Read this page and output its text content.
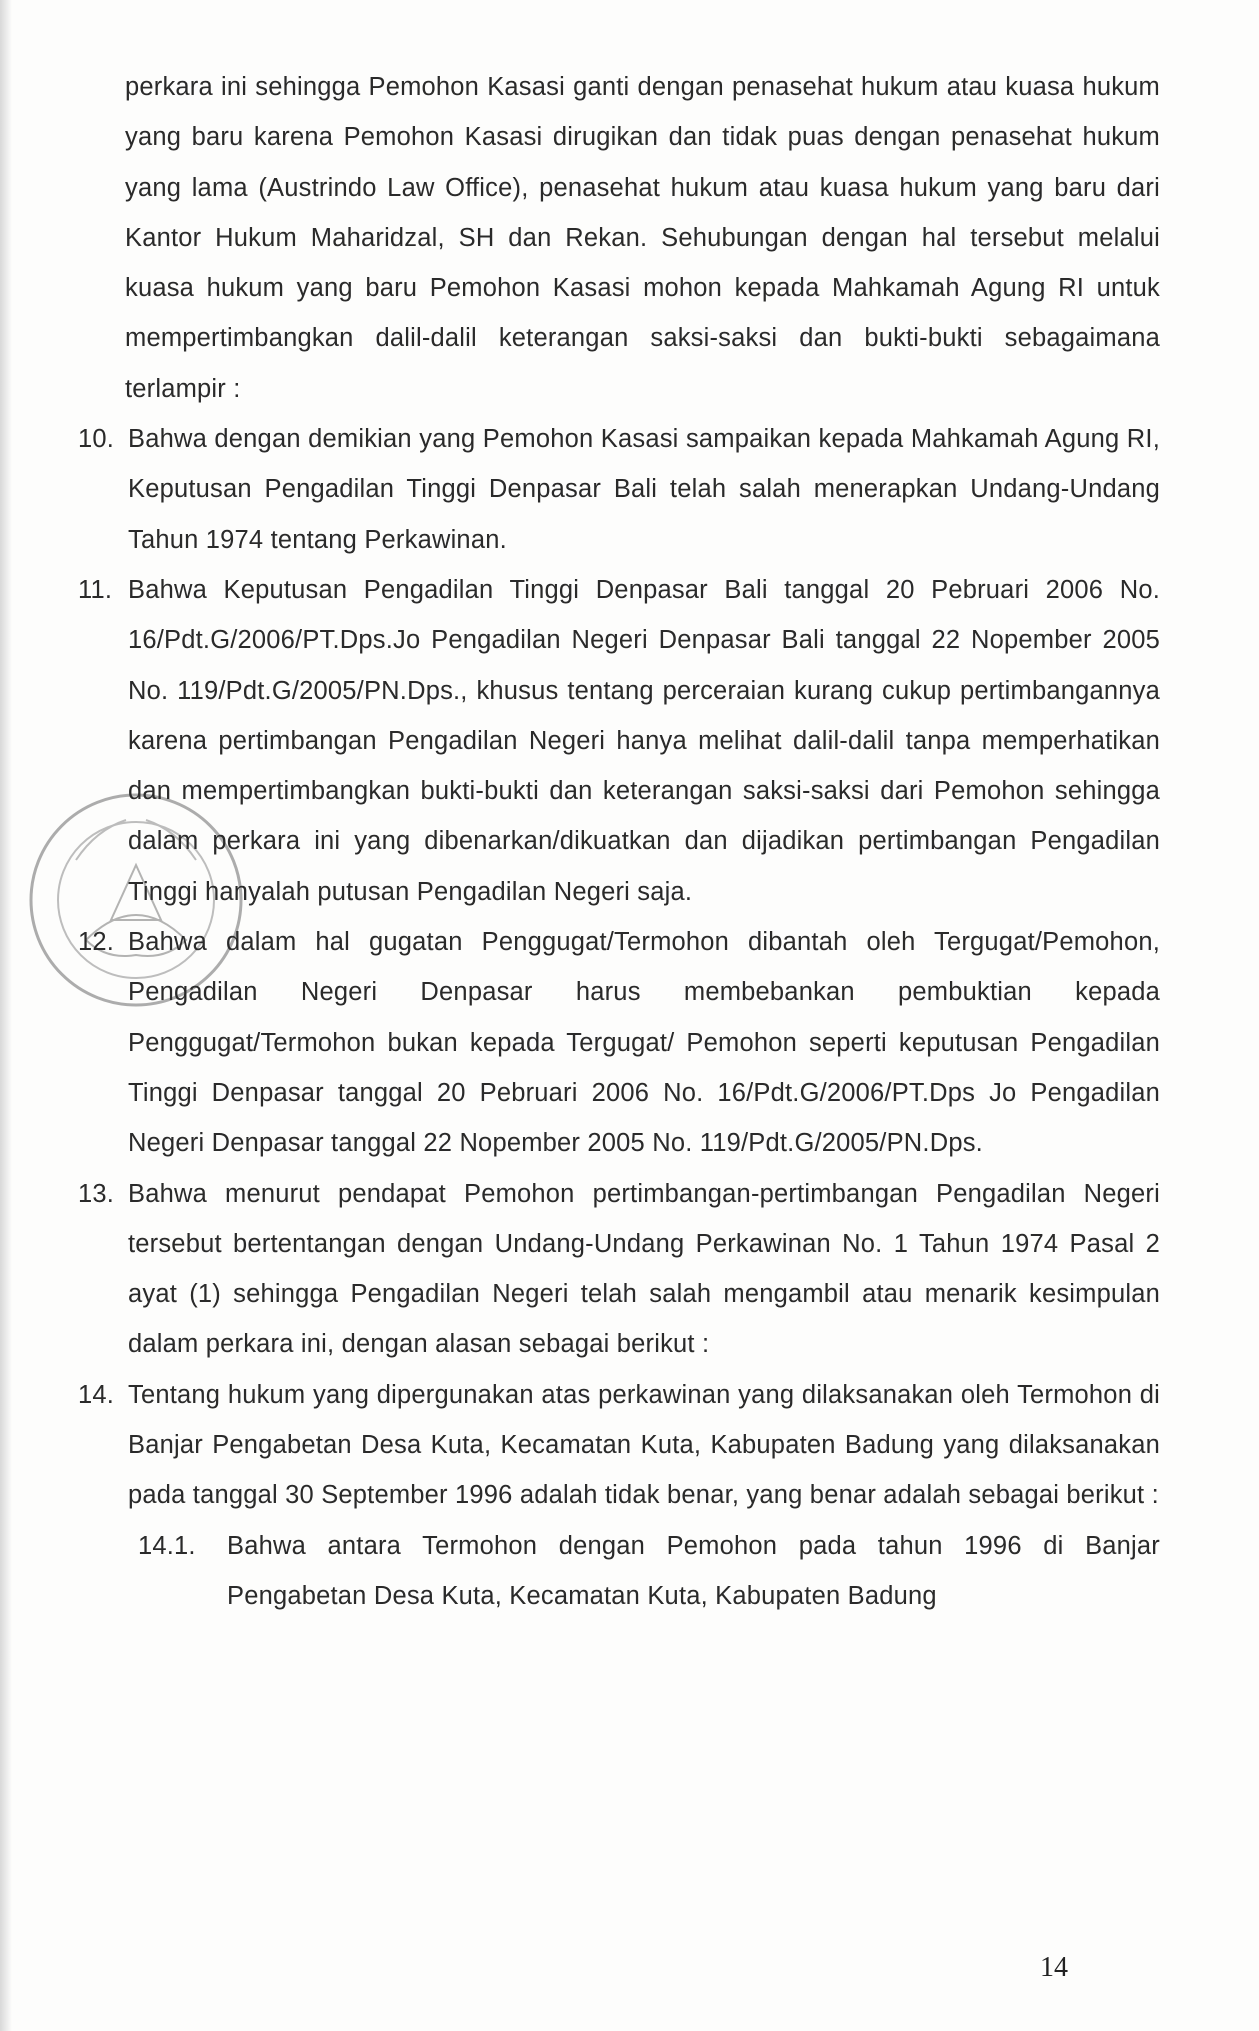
perkara ini sehingga Pemohon Kasasi ganti dengan penasehat hukum atau kuasa hukum yang baru karena Pemohon Kasasi dirugikan dan tidak puas dengan penasehat hukum yang lama (Austrindo Law Office), penasehat hukum atau kuasa hukum yang baru dari Kantor Hukum Maharidzal, SH dan Rekan. Sehubungan dengan hal tersebut melalui kuasa hukum yang baru Pemohon Kasasi mohon kepada Mahkamah Agung RI untuk mempertimbangkan dalil-dalil keterangan saksi-saksi dan bukti-bukti sebagaimana terlampir :

10. Bahwa dengan demikian yang Pemohon Kasasi sampaikan kepada Mahkamah Agung RI, Keputusan Pengadilan Tinggi Denpasar Bali telah salah menerapkan Undang-Undang Tahun 1974 tentang Perkawinan.

11. Bahwa Keputusan Pengadilan Tinggi Denpasar Bali tanggal 20 Pebruari 2006 No. 16/Pdt.G/2006/PT.Dps.Jo Pengadilan Negeri Denpasar Bali tanggal 22 Nopember 2005 No. 119/Pdt.G/2005/PN.Dps., khusus tentang perceraian kurang cukup pertimbangannya karena pertimbangan Pengadilan Negeri hanya melihat dalil-dalil tanpa memperhatikan dan mempertimbangkan bukti-bukti dan keterangan saksi-saksi dari Pemohon sehingga dalam perkara ini yang dibenarkan/dikuatkan dan dijadikan pertimbangan Pengadilan Tinggi hanyalah putusan Pengadilan Negeri saja.

12. Bahwa dalam hal gugatan Penggugat/Termohon dibantah oleh Tergugat/Pemohon, Pengadilan Negeri Denpasar harus membebankan pembuktian kepada Penggugat/Termohon bukan kepada Tergugat/ Pemohon seperti keputusan Pengadilan Tinggi Denpasar tanggal 20 Pebruari 2006 No. 16/Pdt.G/2006/PT.Dps Jo Pengadilan Negeri Denpasar tanggal 22 Nopember 2005 No. 119/Pdt.G/2005/PN.Dps.

13. Bahwa menurut pendapat Pemohon pertimbangan-pertimbangan Pengadilan Negeri tersebut bertentangan dengan Undang-Undang Perkawinan No. 1 Tahun 1974 Pasal 2 ayat (1) sehingga Pengadilan Negeri telah salah mengambil atau menarik kesimpulan dalam perkara ini, dengan alasan sebagai berikut :

14. Tentang hukum yang dipergunakan atas perkawinan yang dilaksanakan oleh Termohon di Banjar Pengabetan Desa Kuta, Kecamatan Kuta, Kabupaten Badung yang dilaksanakan pada tanggal 30 September 1996 adalah tidak benar, yang benar adalah sebagai berikut :

14.1. Bahwa antara Termohon dengan Pemohon pada tahun 1996 di Banjar Pengabetan Desa Kuta, Kecamatan Kuta, Kabupaten Badung

14
